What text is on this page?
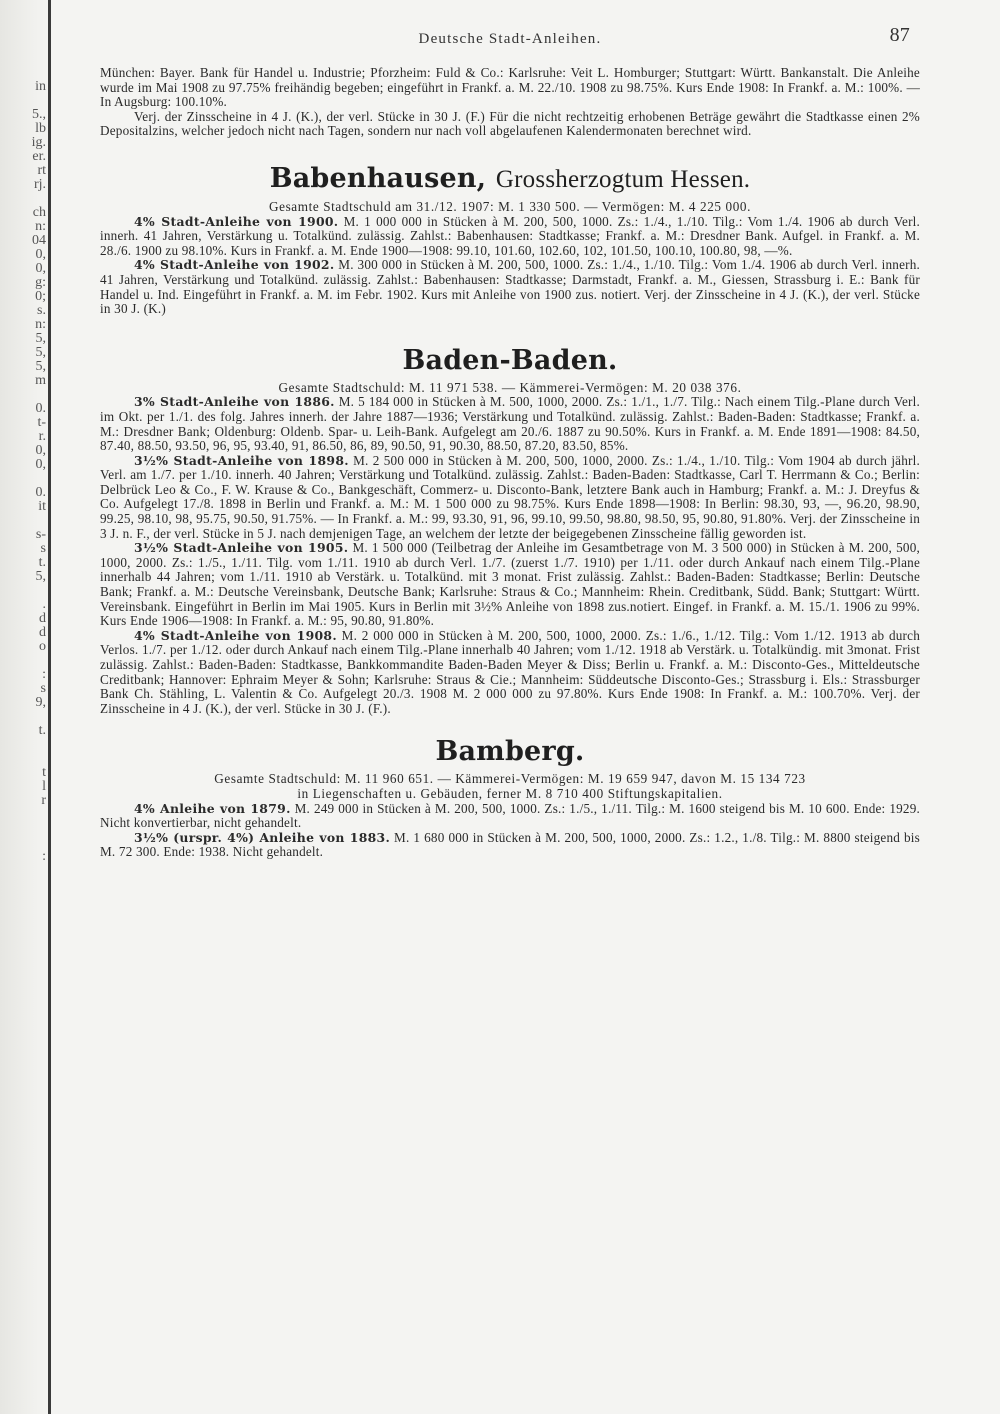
in
5.,
lb
ig.
er.
rt
rj.
ch
n:
04
0,
0,
g:
0;
s.
n:
5,
5,
5,
m
0.
t-
r.
0,
0,
0.
it
s-
s
t.
5,
.
d
d
o
:
s
9,
t.
t
l
r
:
Deutsche Stadt-Anleihen.	87

München: Bayer. Bank für Handel u. Industrie; Pforzheim: Fuld & Co.: Karlsruhe: Veit L. Homburger; Stuttgart: Württ. Bankanstalt. Die Anleihe wurde im Mai 1908 zu 97.75% freihändig begeben; eingeführt in Frankf. a. M. 22./10. 1908 zu 98.75%. Kurs Ende 1908: In Frankf. a. M.: 100%. — In Augsburg: 100.10%.

Verj. der Zinsscheine in 4 J. (K.), der verl. Stücke in 30 J. (F.) Für die nicht rechtzeitig erhobenen Beträge gewährt die Stadtkasse einen 2% Depositalzins, welcher jedoch nicht nach Tagen, sondern nur nach voll abgelaufenen Kalendermonaten berechnet wird.

Babenhausen, Grossherzogtum Hessen.

Gesamte Stadtschuld am 31./12. 1907: M. 1 330 500. — Vermögen: M. 4 225 000.

4% Stadt-Anleihe von 1900. M. 1 000 000 in Stücken à M. 200, 500, 1000. Zs.: 1./4., 1./10. Tilg.: Vom 1./4. 1906 ab durch Verl. innerh. 41 Jahren, Verstärkung u. Totalkünd. zulässig. Zahlst.: Babenhausen: Stadtkasse; Frankf. a. M.: Dresdner Bank. Aufgel. in Frankf. a. M. 28./6. 1900 zu 98.10%. Kurs in Frankf. a. M. Ende 1900—1908: 99.10, 101.60, 102.60, 102, 101.50, 100.10, 100.80, 98, —%.

4% Stadt-Anleihe von 1902. M. 300 000 in Stücken à M. 200, 500, 1000. Zs.: 1./4., 1./10. Tilg.: Vom 1./4. 1906 ab durch Verl. innerh. 41 Jahren, Verstärkung und Totalkünd. zulässig. Zahlst.: Babenhausen: Stadtkasse; Darmstadt, Frankf. a. M., Giessen, Strassburg i. E.: Bank für Handel u. Ind. Eingeführt in Frankf. a. M. im Febr. 1902. Kurs mit Anleihe von 1900 zus. notiert. Verj. der Zinsscheine in 4 J. (K.), der verl. Stücke in 30 J. (K.)

Baden-Baden.

Gesamte Stadtschuld: M. 11 971 538. — Kämmerei-Vermögen: M. 20 038 376.

3% Stadt-Anleihe von 1886. M. 5 184 000 in Stücken à M. 500, 1000, 2000. Zs.: 1./1., 1./7. Tilg.: Nach einem Tilg.-Plane durch Verl. im Okt. per 1./1. des folg. Jahres innerh. der Jahre 1887—1936; Verstärkung und Totalkünd. zulässig. Zahlst.: Baden-Baden: Stadtkasse; Frankf. a. M.: Dresdner Bank; Oldenburg: Oldenb. Spar- u. Leih-Bank. Aufgelegt am 20./6. 1887 zu 90.50%. Kurs in Frankf. a. M. Ende 1891—1908: 84.50, 87.40, 88.50, 93.50, 96, 95, 93.40, 91, 86.50, 86, 89, 90.50, 91, 90.30, 88.50, 87.20, 83.50, 85%.

3½% Stadt-Anleihe von 1898. M. 2 500 000 in Stücken à M. 200, 500, 1000, 2000. Zs.: 1./4., 1./10. Tilg.: Vom 1904 ab durch jährl. Verl. am 1./7. per 1./10. innerh. 40 Jahren; Verstärkung und Totalkünd. zulässig. Zahlst.: Baden-Baden: Stadtkasse, Carl T. Herrmann & Co.; Berlin: Delbrück Leo & Co., F. W. Krause & Co., Bankgeschäft, Commerz- u. Disconto-Bank, letztere Bank auch in Hamburg; Frankf. a. M.: J. Dreyfus & Co. Aufgelegt 17./8. 1898 in Berlin und Frankf. a. M.: M. 1 500 000 zu 98.75%. Kurs Ende 1898—1908: In Berlin: 98.30, 93, —, 96.20, 98.90, 99.25, 98.10, 98, 95.75, 90.50, 91.75%. — In Frankf. a. M.: 99, 93.30, 91, 96, 99.10, 99.50, 98.80, 98.50, 95, 90.80, 91.80%. Verj. der Zinsscheine in 3 J. n. F., der verl. Stücke in 5 J. nach demjenigen Tage, an welchem der letzte der beigegebenen Zinsscheine fällig geworden ist.

3½% Stadt-Anleihe von 1905. M. 1 500 000 (Teilbetrag der Anleihe im Gesamtbetrage von M. 3 500 000) in Stücken à M. 200, 500, 1000, 2000. Zs.: 1./5., 1./11. Tilg. vom 1./11. 1910 ab durch Verl. 1./7. (zuerst 1./7. 1910) per 1./11. oder durch Ankauf nach einem Tilg.-Plane innerhalb 44 Jahren; vom 1./11. 1910 ab Verstärk. u. Totalkünd. mit 3 monat. Frist zulässig. Zahlst.: Baden-Baden: Stadtkasse; Berlin: Deutsche Bank; Frankf. a. M.: Deutsche Vereinsbank, Deutsche Bank; Karlsruhe: Straus & Co.; Mannheim: Rhein. Creditbank, Südd. Bank; Stuttgart: Württ. Vereinsbank. Eingeführt in Berlin im Mai 1905. Kurs in Berlin mit 3½% Anleihe von 1898 zus.notiert. Eingef. in Frankf. a. M. 15./1. 1906 zu 99%. Kurs Ende 1906—1908: In Frankf. a. M.: 95, 90.80, 91.80%.

4% Stadt-Anleihe von 1908. M. 2 000 000 in Stücken à M. 200, 500, 1000, 2000. Zs.: 1./6., 1./12. Tilg.: Vom 1./12. 1913 ab durch Verlos. 1./7. per 1./12. oder durch Ankauf nach einem Tilg.-Plane innerhalb 40 Jahren; vom 1./12. 1918 ab Verstärk. u. Totalkündig. mit 3monat. Frist zulässig. Zahlst.: Baden-Baden: Stadtkasse, Bankkommandite Baden-Baden Meyer & Diss; Berlin u. Frankf. a. M.: Disconto-Ges., Mitteldeutsche Creditbank; Hannover: Ephraim Meyer & Sohn; Karlsruhe: Straus & Cie.; Mannheim: Süddeutsche Disconto-Ges.; Strassburg i. Els.: Strassburger Bank Ch. Stähling, L. Valentin & Co. Aufgelegt 20./3. 1908 M. 2 000 000 zu 97.80%. Kurs Ende 1908: In Frankf. a. M.: 100.70%. Verj. der Zinsscheine in 4 J. (K.), der verl. Stücke in 30 J. (F.).

Bamberg.

Gesamte Stadtschuld: M. 11 960 651. — Kämmerei-Vermögen: M. 19 659 947, davon M. 15 134 723

in Liegenschaften u. Gebäuden, ferner M. 8 710 400 Stiftungskapitalien.

4% Anleihe von 1879. M. 249 000 in Stücken à M. 200, 500, 1000. Zs.: 1./5., 1./11. Tilg.: M. 1600 steigend bis M. 10 600. Ende: 1929. Nicht konvertierbar, nicht gehandelt.

3½% (urspr. 4%) Anleihe von 1883. M. 1 680 000 in Stücken à M. 200, 500, 1000, 2000. Zs.: 1.2., 1./8. Tilg.: M. 8800 steigend bis M. 72 300. Ende: 1938. Nicht gehandelt.
